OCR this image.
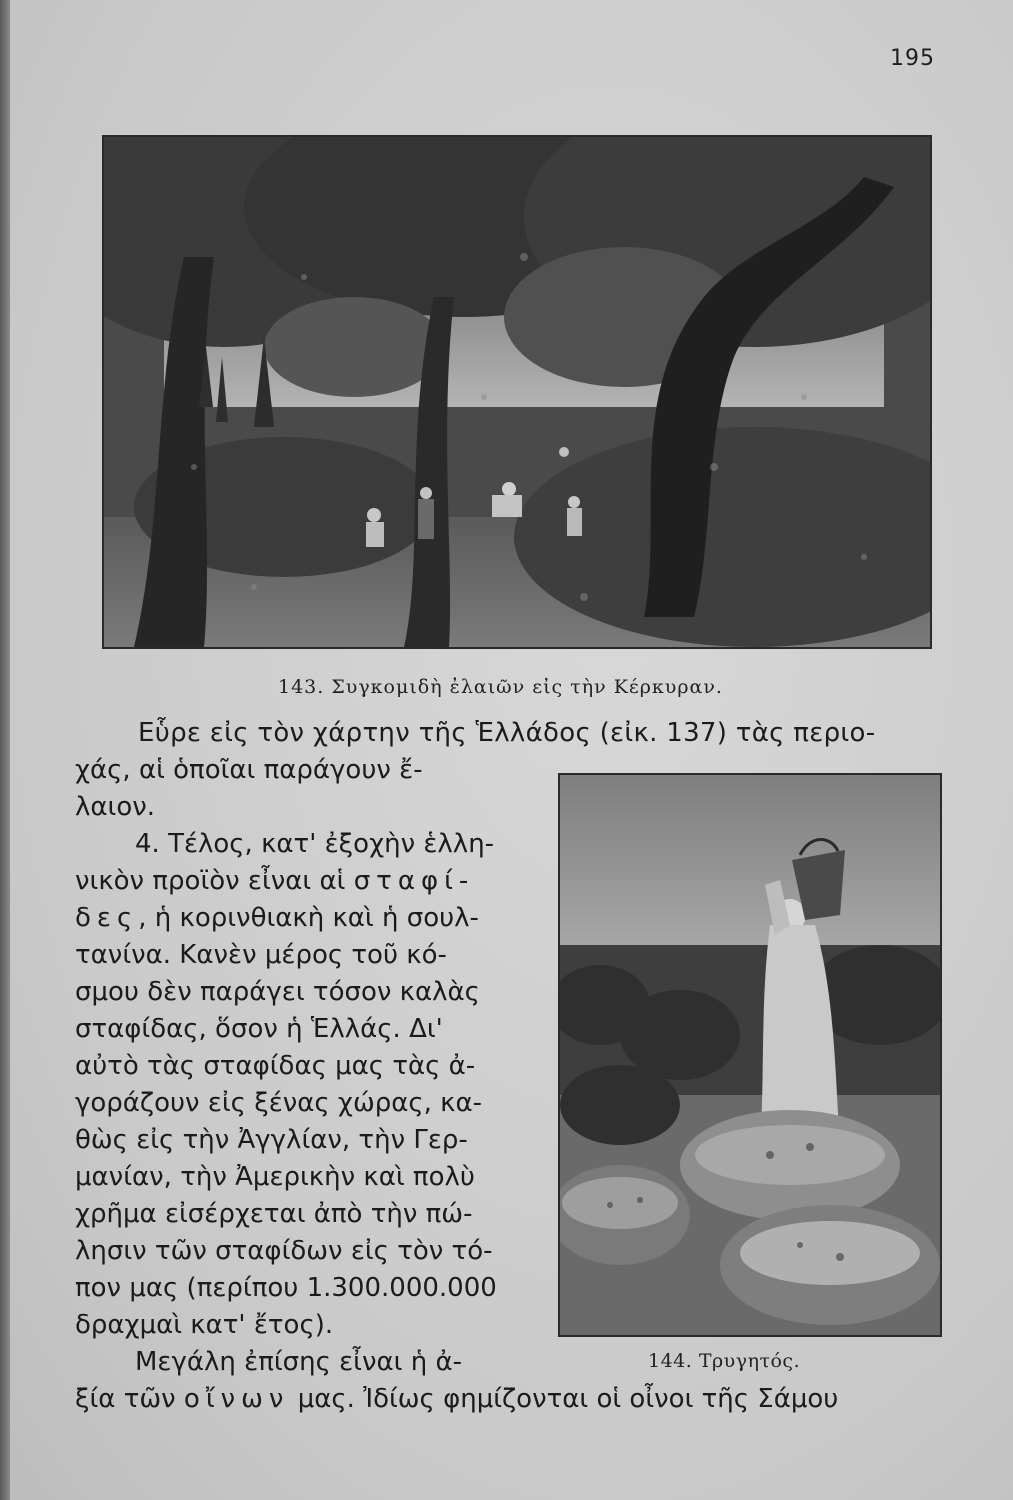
195
143. Συγκομιδὴ ἐλαιῶν εἰς τὴν Κέρκυραν.
144. Τρυγητός.
Εὗρε εἰς τὸν χάρτην τῆς Ἑλλάδος (εἰκ. 137) τὰς περιο-
χάς, αἱ ὁποῖαι παράγουν ἔ-
λαιον.
4. Τέλος, κατ' ἐξοχὴν ἑλλη-
νικὸν προϊὸν εἶναι αἱ σταφί-
δες, ἡ κορινθιακὴ καὶ ἡ σουλ-
τανίνα. Κανὲν μέρος τοῦ κό-
σμου δὲν παράγει τόσον καλὰς
σταφίδας, ὅσον ἡ Ἑλλάς. Δι'
αὐτὸ τὰς σταφίδας μας τὰς ἀ-
γοράζουν εἰς ξένας χώρας, κα-
θὼς εἰς τὴν Ἀγγλίαν, τὴν Γερ-
μανίαν, τὴν Ἀμερικὴν καὶ πολὺ
χρῆμα εἰσέρχεται ἀπὸ τὴν πώ-
λησιν τῶν σταφίδων εἰς τὸν τό-
πον μας (περίπου 1.300.000.000
δραχμαὶ κατ' ἔτος).
Μεγάλη ἐπίσης εἶναι ἡ ἀ-
ξία τῶν οἴνων μας. Ἰδίως φημίζονται οἱ οἶνοι τῆς Σάμου
